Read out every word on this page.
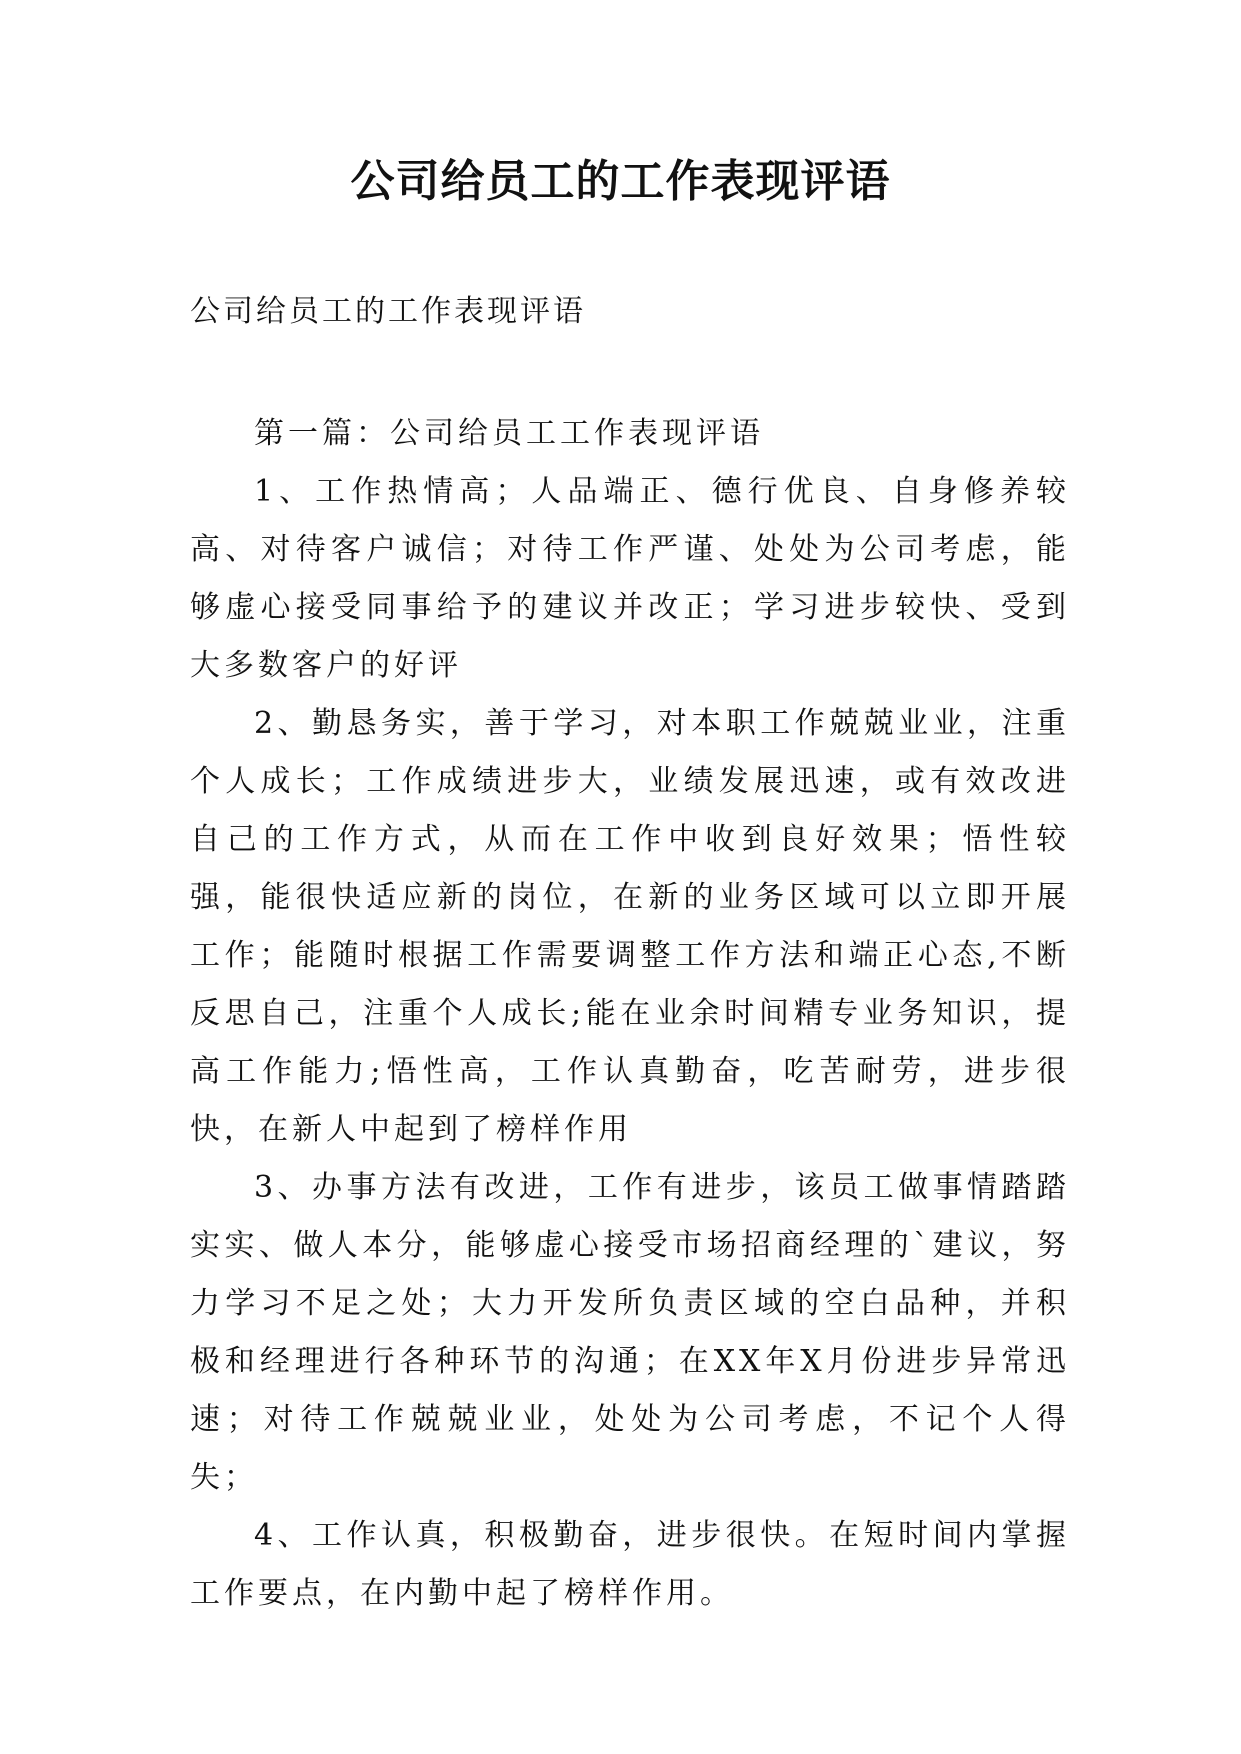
公司给员工的工作表现评语
公司给员工的工作表现评语

第一篇：公司给员工工作表现评语

1、工作热情高；人品端正、德行优良、自身修养较高、对待客户诚信；对待工作严谨、处处为公司考虑，能够虚心接受同事给予的建议并改正；学习进步较快、受到大多数客户的好评

2、勤恳务实，善于学习，对本职工作兢兢业业，注重个人成长；工作成绩进步大，业绩发展迅速，或有效改进自己的工作方式，从而在工作中收到良好效果；悟性较强，能很快适应新的岗位，在新的业务区域可以立即开展工作；能随时根据工作需要调整工作方法和端正心态,不断反思自己，注重个人成长;能在业余时间精专业务知识，提高工作能力;悟性高，工作认真勤奋，吃苦耐劳，进步很快，在新人中起到了榜样作用

3、办事方法有改进，工作有进步，该员工做事情踏踏实实、做人本分，能够虚心接受市场招商经理的`建议，努力学习不足之处；大力开发所负责区域的空白品种，并积极和经理进行各种环节的沟通；在XX年X月份进步异常迅速；对待工作兢兢业业，处处为公司考虑，不记个人得失；

4、工作认真，积极勤奋，进步很快。在短时间内掌握工作要点，在内勤中起了榜样作用。
